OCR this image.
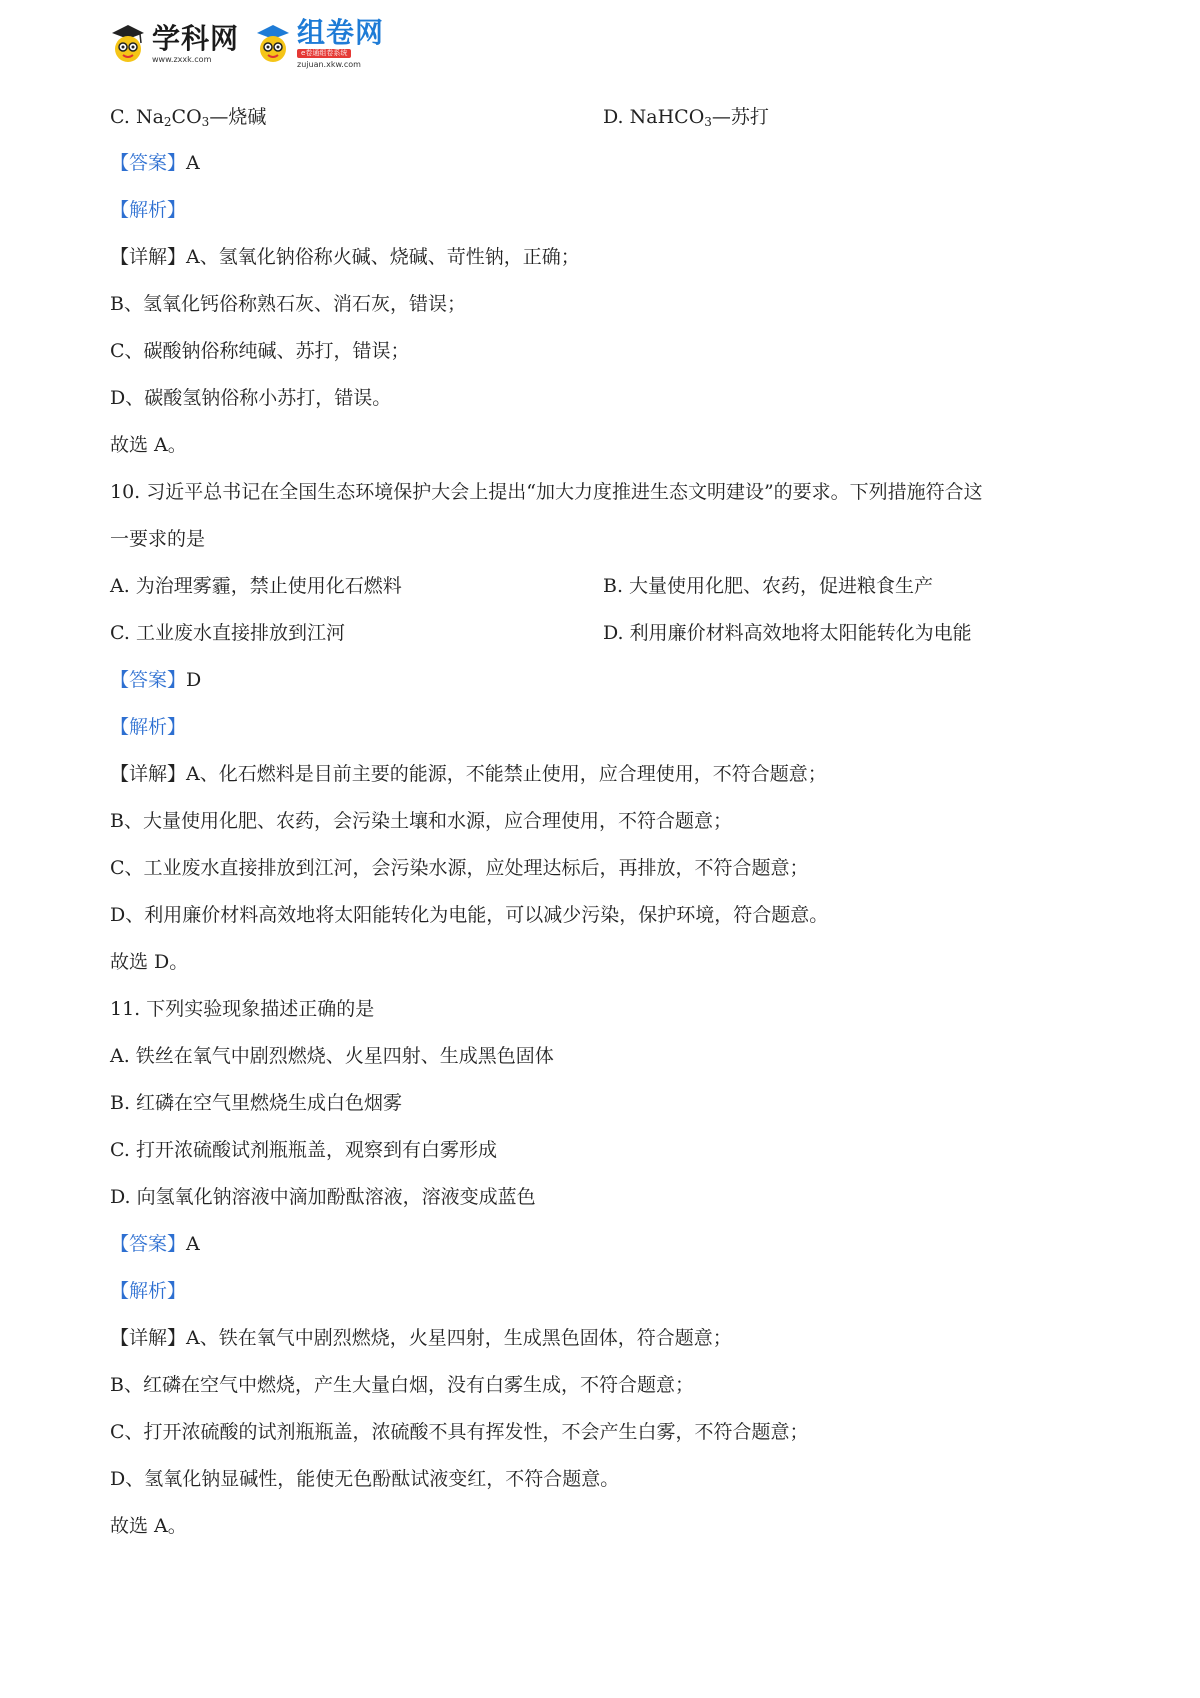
学科网
www.zxxk.com
组卷网
e卷通组卷系统
zujuan.xkw.com
C. $Na_2CO_3—$烧碱	D. NaHCO$_3$—苏打
【答案】A
【解析】
【详解】A、氢氧化钠俗称火碱、烧碱、苛性钠，正确；
B、氢氧化钙俗称熟石灰、消石灰，错误；
C、碳酸钠俗称纯碱、苏打，错误；
D、碳酸氢钠俗称小苏打，错误。
故选 A。
10. 习近平总书记在全国生态环境保护大会上提出“加大力度推进生态文明建设”的要求。下列措施符合这
一要求的是
A. 为治理雾霾，禁止使用化石燃料	B. 大量使用化肥、农药，促进粮食生产
C. 工业废水直接排放到江河	D. 利用廉价材料高效地将太阳能转化为电能
【答案】D
【解析】
【详解】A、化石燃料是目前主要的能源，不能禁止使用，应合理使用，不符合题意；
B、大量使用化肥、农药，会污染土壤和水源，应合理使用，不符合题意；
C、工业废水直接排放到江河，会污染水源，应处理达标后，再排放，不符合题意；
D、利用廉价材料高效地将太阳能转化为电能，可以减少污染，保护环境，符合题意。
故选 D。
11. 下列实验现象描述正确的是
A. 铁丝在氧气中剧烈燃烧、火星四射、生成黑色固体
B. 红磷在空气里燃烧生成白色烟雾
C. 打开浓硫酸试剂瓶瓶盖，观察到有白雾形成
D. 向氢氧化钠溶液中滴加酚酞溶液，溶液变成蓝色
【答案】A
【解析】
【详解】A、铁在氧气中剧烈燃烧，火星四射，生成黑色固体，符合题意；
B、红磷在空气中燃烧，产生大量白烟，没有白雾生成，不符合题意；
C、打开浓硫酸的试剂瓶瓶盖，浓硫酸不具有挥发性，不会产生白雾，不符合题意；
D、氢氧化钠显碱性，能使无色酚酞试液变红，不符合题意。
故选 A。
